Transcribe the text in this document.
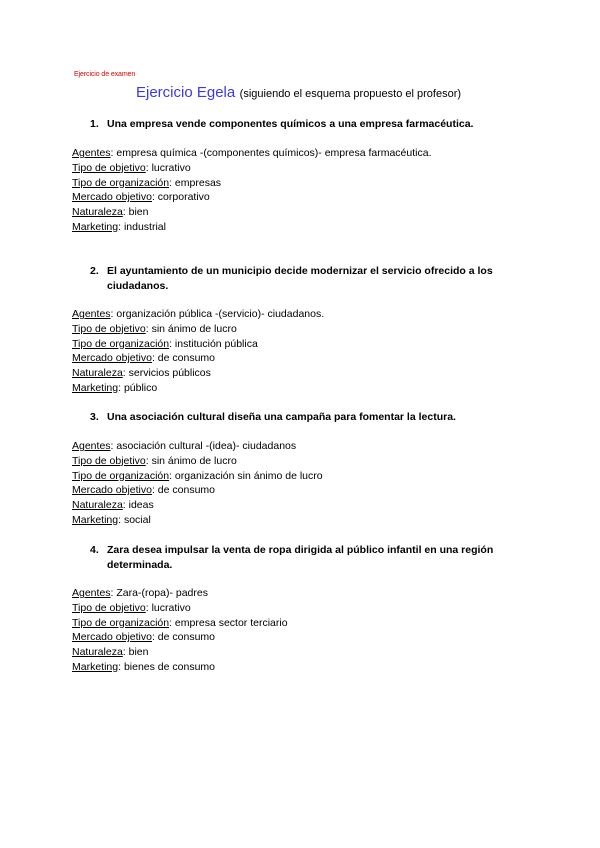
Ejercicio de examen
Ejercicio Egela (siguiendo el esquema propuesto el profesor)
1. Una empresa vende componentes químicos a una empresa farmacéutica.
Agentes: empresa química -(componentes químicos)- empresa farmacéutica.
Tipo de objetivo: lucrativo
Tipo de organización: empresas
Mercado objetivo: corporativo
Naturaleza: bien
Marketing: industrial
2. El ayuntamiento de un municipio decide modernizar el servicio ofrecido a los ciudadanos.
Agentes: organización pública -(servicio)- ciudadanos.
Tipo de objetivo: sin ánimo de lucro
Tipo de organización: institución pública
Mercado objetivo: de consumo
Naturaleza: servicios públicos
Marketing: público
3. Una asociación cultural diseña una campaña para fomentar la lectura.
Agentes: asociación cultural -(idea)- ciudadanos
Tipo de objetivo: sin ánimo de lucro
Tipo de organización: organización sin ánimo de lucro
Mercado objetivo: de consumo
Naturaleza: ideas
Marketing: social
4. Zara desea impulsar la venta de ropa dirigida al público infantil en una región determinada.
Agentes: Zara-(ropa)- padres
Tipo de objetivo: lucrativo
Tipo de organización: empresa sector terciario
Mercado objetivo: de consumo
Naturaleza: bien
Marketing: bienes de consumo
